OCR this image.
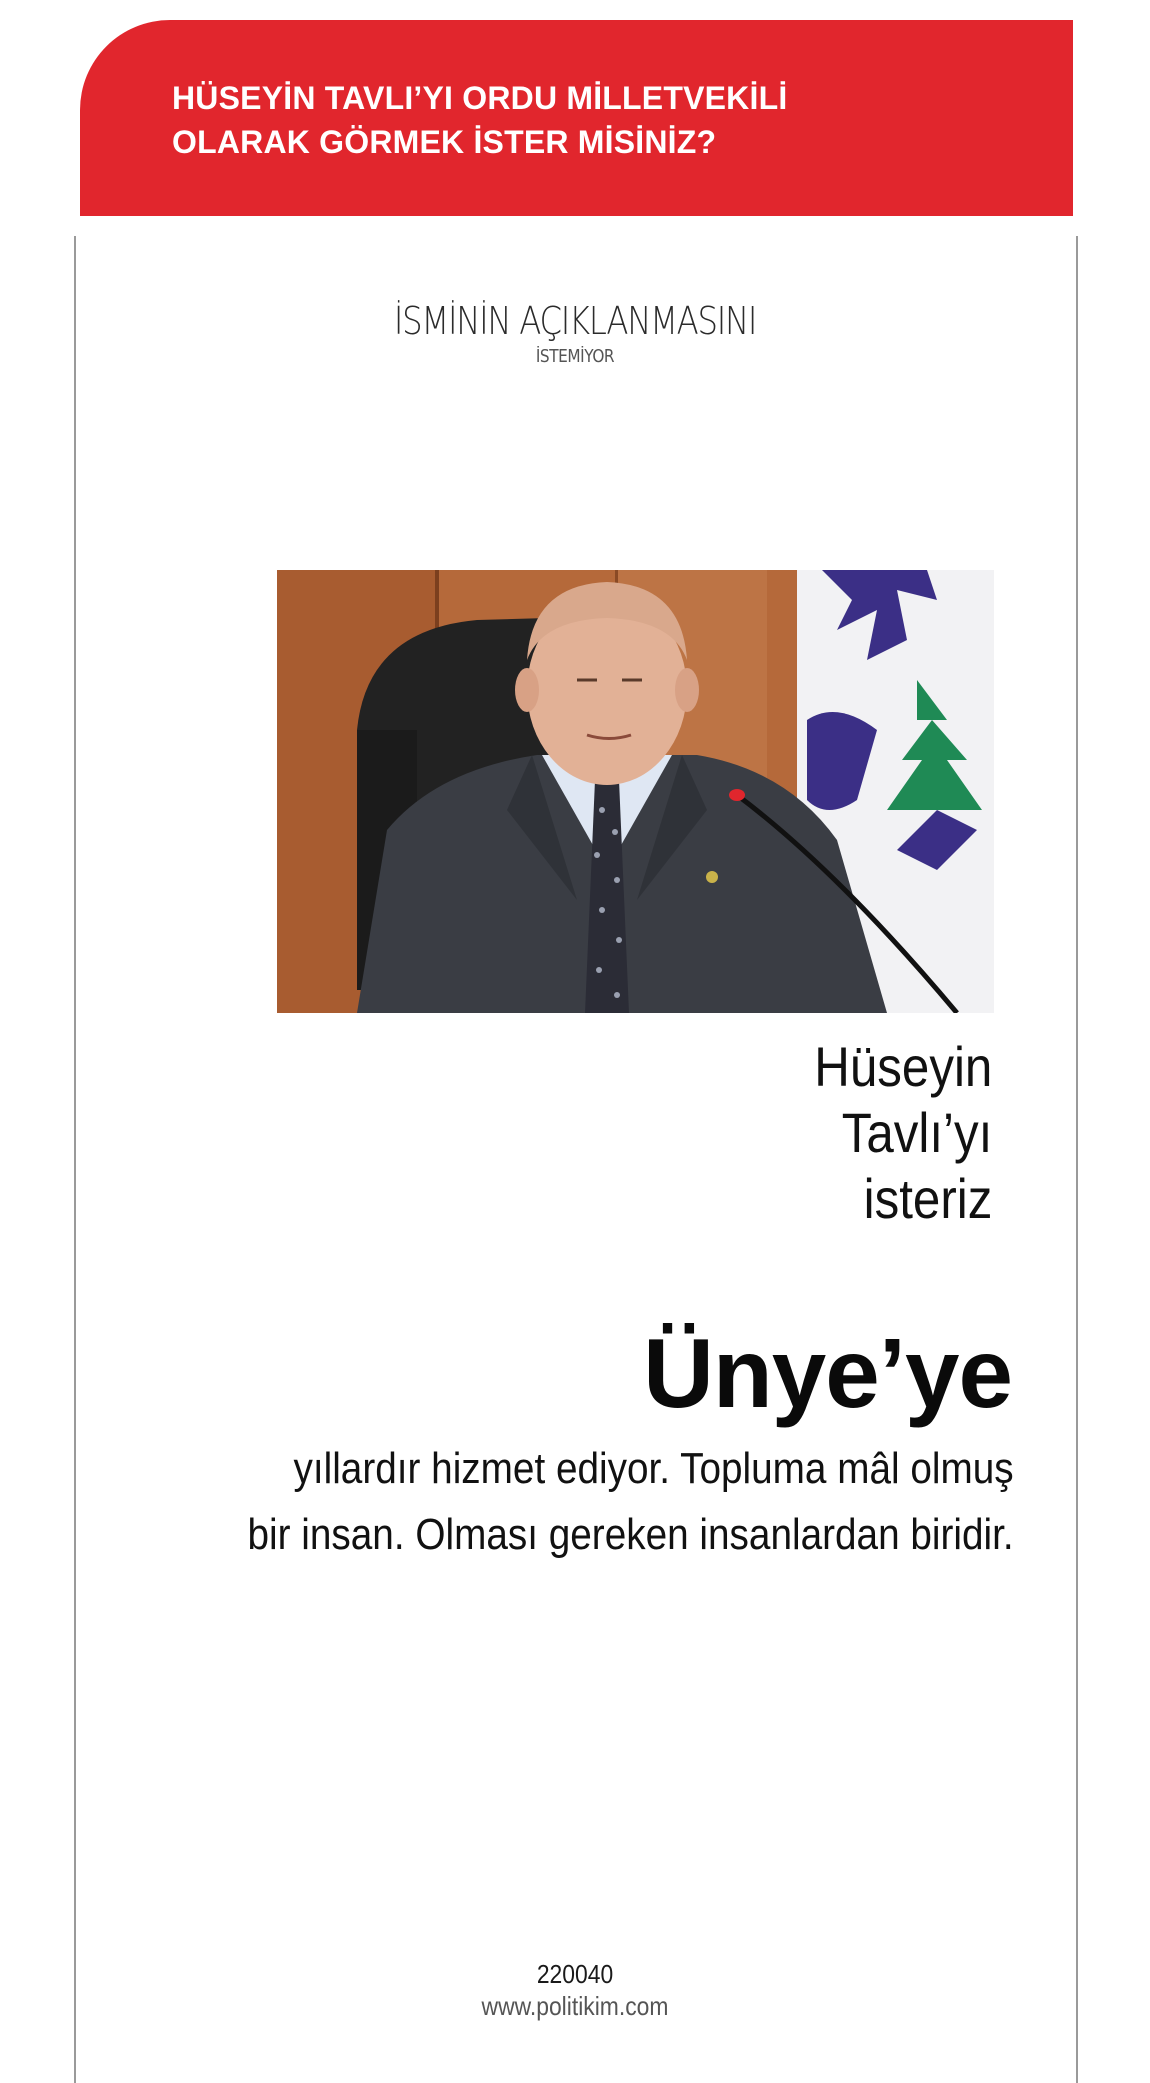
HÜSEYİN TAVLI’YI ORDU MİLLETVEKİLİ
OLARAK GÖRMEK İSTER MİSİNİZ?
İSMİNİN AÇIKLANMASINI
İSTEMİYOR
Hüseyin
Tavlı’yı
isteriz
Ünye’ye
yıllardır hizmet ediyor. Topluma mâl olmuş
bir insan. Olması gereken insanlardan biridir.
220040
www.politikim.com
